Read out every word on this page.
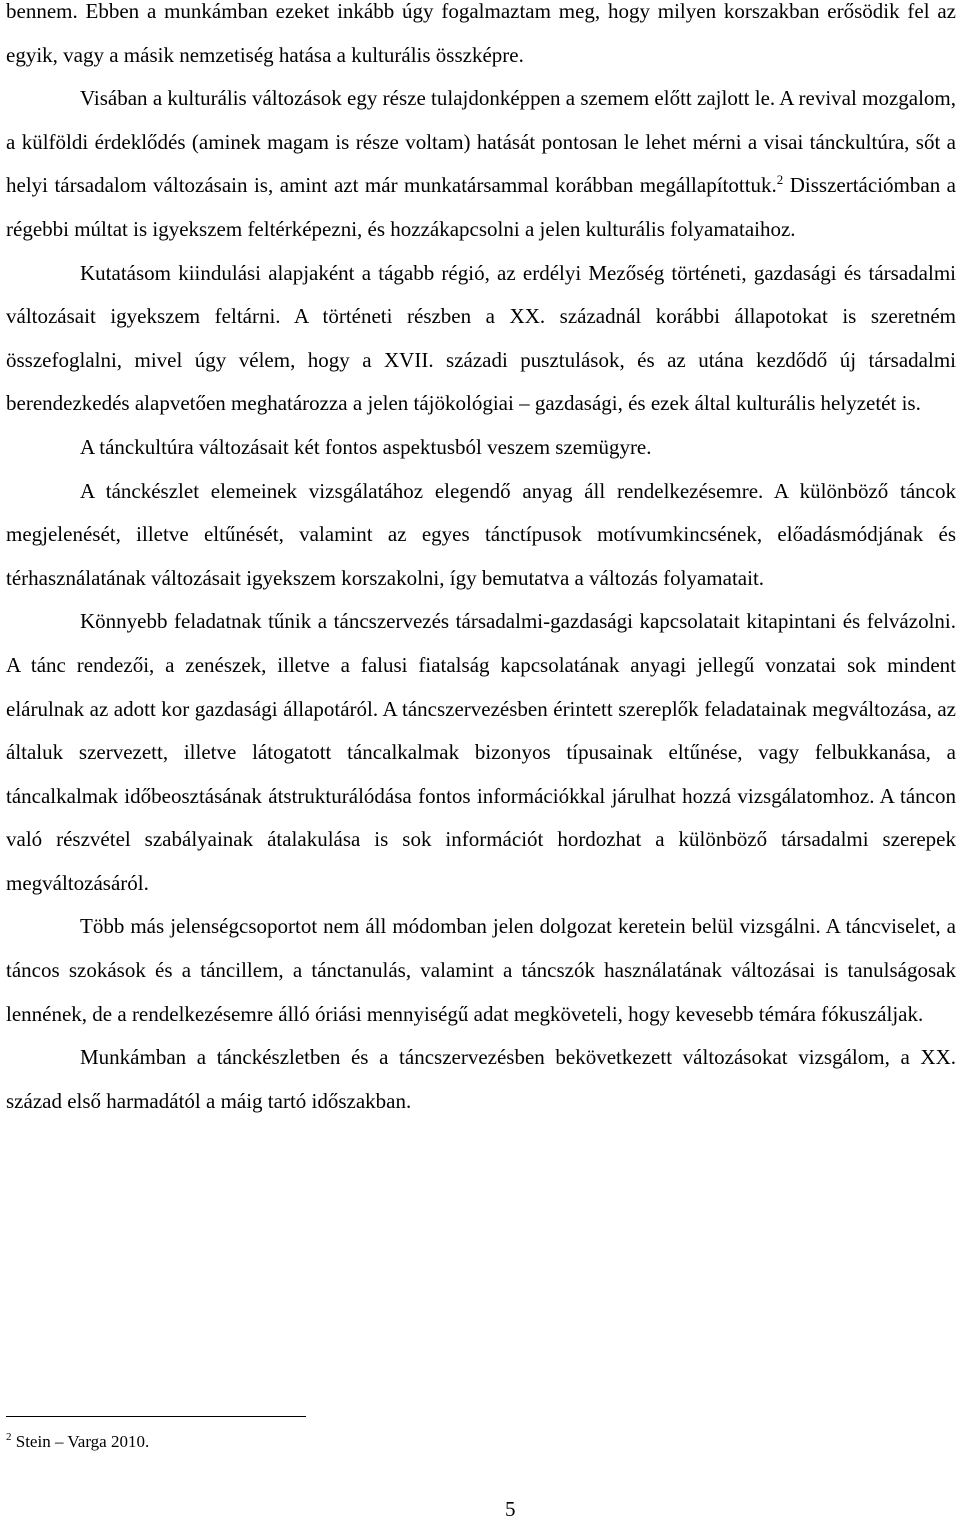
bennem. Ebben a munkámban ezeket inkább úgy fogalmaztam meg, hogy milyen korszakban erősödik fel az egyik, vagy a másik nemzetiség hatása a kulturális összképre.

Visában a kulturális változások egy része tulajdonképpen a szemem előtt zajlott le. A revival mozgalom, a külföldi érdeklődés (aminek magam is része voltam) hatását pontosan le lehet mérni a visai tánckultúra, sőt a helyi társadalom változásain is, amint azt már munkatársammal korábban megállapítottuk.$^2$ Disszertációmban a régebbi múltat is igyekszem feltérképezni, és hozzákapcsolni a jelen kulturális folyamataihoz.

Kutatásom kiindulási alapjaként a tágabb régió, az erdélyi Mezőség történeti, gazdasági és társadalmi változásait igyekszem feltárni. A történeti részben a XX. századnál korábbi állapotokat is szeretném összefoglalni, mivel úgy vélem, hogy a XVII. századi pusztulások, és az utána kezdődő új társadalmi berendezkedés alapvetően meghatározza a jelen tájökológiai – gazdasági, és ezek által kulturális helyzetét is.

A tánckultúra változásait két fontos aspektusból veszem szemügyre.

A tánckészlet elemeinek vizsgálatához elegendő anyag áll rendelkezésemre. A különböző táncok megjelenését, illetve eltűnését, valamint az egyes tánctípusok motívumkincsének, előadásmódjának és térhasználatának változásait igyekszem korszakolni, így bemutatva a változás folyamatait.

Könnyebb feladatnak tűnik a táncszervezés társadalmi-gazdasági kapcsolatait kitapintani és felvázolni. A tánc rendezői, a zenészek, illetve a falusi fiatalság kapcsolatának anyagi jellegű vonzatai sok mindent elárulnak az adott kor gazdasági állapotáról. A táncszervezésben érintett szereplők feladatainak megváltozása, az általuk szervezett, illetve látogatott táncalkalmak bizonyos típusainak eltűnése, vagy felbukkanása, a táncalkalmak időbeosztásának átstrukturálódása fontos információkkal járulhat hozzá vizsgálatomhoz. A táncon való részvétel szabályainak átalakulása is sok információt hordozhat a különböző társadalmi szerepek megváltozásáról.

Több más jelenségcsoportot nem áll módomban jelen dolgozat keretein belül vizsgálni. A táncviselet, a táncos szokások és a táncillem, a tánctanulás, valamint a táncszók használatának változásai is tanulságosak lennének, de a rendelkezésemre álló óriási mennyiségű adat megköveteli, hogy kevesebb témára fókuszáljak.

Munkámban a tánckészletben és a táncszervezésben bekövetkezett változásokat vizsgálom, a XX. század első harmadától a máig tartó időszakban.

$^2$ Stein – Varga 2010.
5
